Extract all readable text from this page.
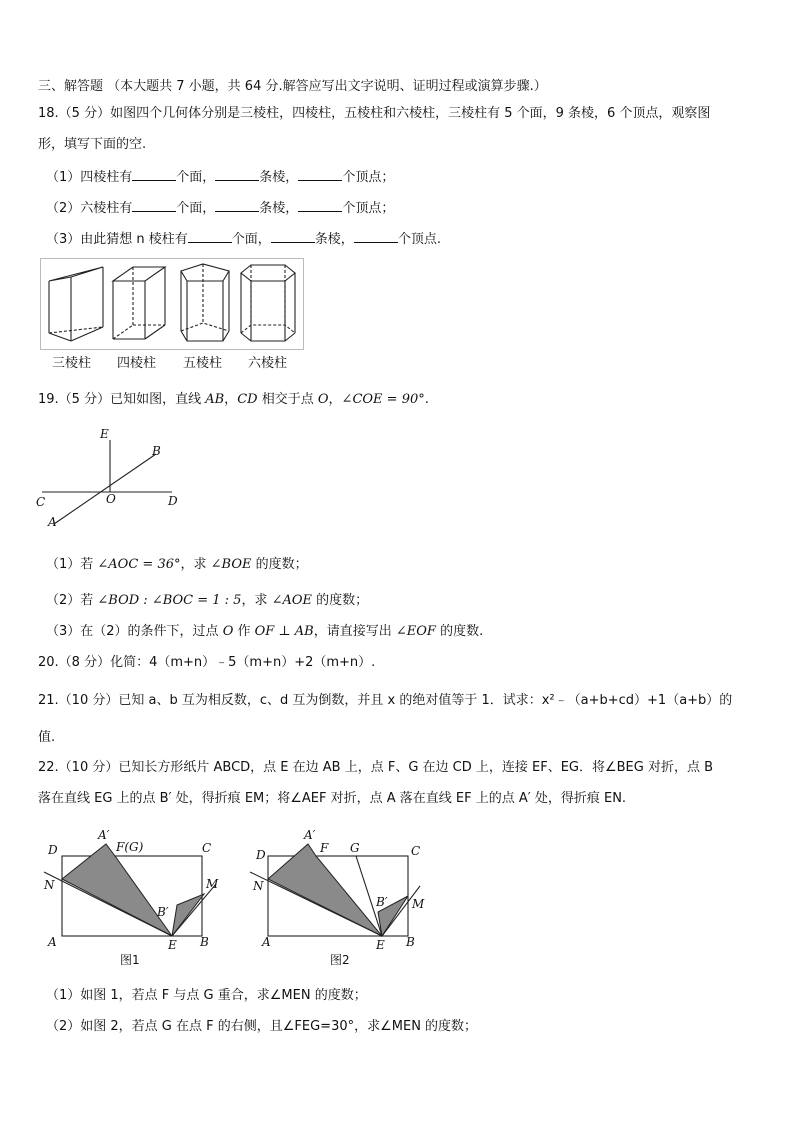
三、解答题 （本大题共 7 小题，共 64 分.解答应写出文字说明、证明过程或演算步骤.）
18.（5 分）如图四个几何体分别是三棱柱，四棱柱，五棱柱和六棱柱，三棱柱有 5 个面，9 条棱，6 个顶点，观察图
形，填写下面的空.
（1）四棱柱有	个面，	条棱，	个顶点；
（2）六棱柱有	个面，	条棱，	个顶点；
（3）由此猜想 n 棱柱有	个面，	条棱，	个顶点.
三棱柱 四棱柱 五棱柱 六棱柱
19.（5 分）已知如图，直线 AB，CD 相交于点 O，∠COE = 90°.
E
B
C	O	D
A
（1）若 ∠AOC = 36°，求 ∠BOE 的度数；
（2）若 ∠BOD : ∠BOC = 1 : 5，求 ∠AOE 的度数；
（3）在（2）的条件下，过点 O 作 OF ⊥ AB，请直接写出 ∠EOF 的度数.
20.（8 分）化简：4（m+n）﹣5（m+n）+2（m+n）.
21.（10 分）已知 a、b 互为相反数，c、d 互为倒数，并且 x 的绝对值等于 1．试求：x²﹣（a+b+cd）+1（a+b）的
值.
22.（10 分）已知长方形纸片 ABCD，点 E 在边 AB 上，点 F、G 在边 CD 上，连接 EF、EG．将∠BEG 对折，点 B
落在直线 EG 上的点 B′ 处，得折痕 EM；将∠AEF 对折，点 A 落在直线 EF 上的点 A′ 处，得折痕 EN.
A′
F(G)	C
D
N
B′
M
A	E B
图1
A′
F G	C
D
N
B′ M
A	E B
图2
（1）如图 1，若点 F 与点 G 重合，求∠MEN 的度数；
（2）如图 2，若点 G 在点 F 的右侧，且∠FEG=30°，求∠MEN 的度数；
